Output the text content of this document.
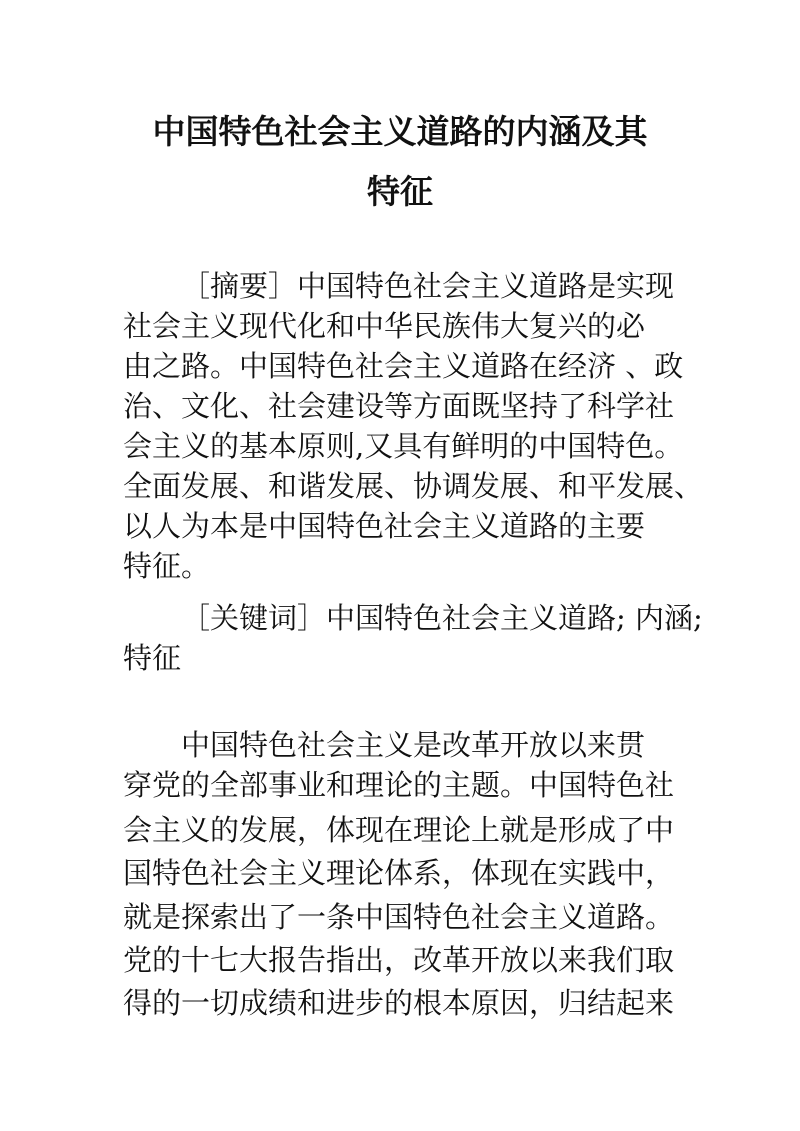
中国特色社会主义道路的内涵及其
特征
［摘要］中国特色社会主义道路是实现
社会主义现代化和中华民族伟大复兴的必
由之路。中国特色社会主义道路在经济 、政
治、文化、社会建设等方面既坚持了科学社
会主义的基本原则,又具有鲜明的中国特色。
全面发展、和谐发展、协调发展、和平发展、
以人为本是中国特色社会主义道路的主要
特征。
［关键词］中国特色社会主义道路; 内涵;
特征
中国特色社会主义是改革开放以来贯
穿党的全部事业和理论的主题。中国特色社
会主义的发展，体现在理论上就是形成了中
国特色社会主义理论体系，体现在实践中，
就是探索出了一条中国特色社会主义道路。
党的十七大报告指出，改革开放以来我们取
得的一切成绩和进步的根本原因，归结起来
